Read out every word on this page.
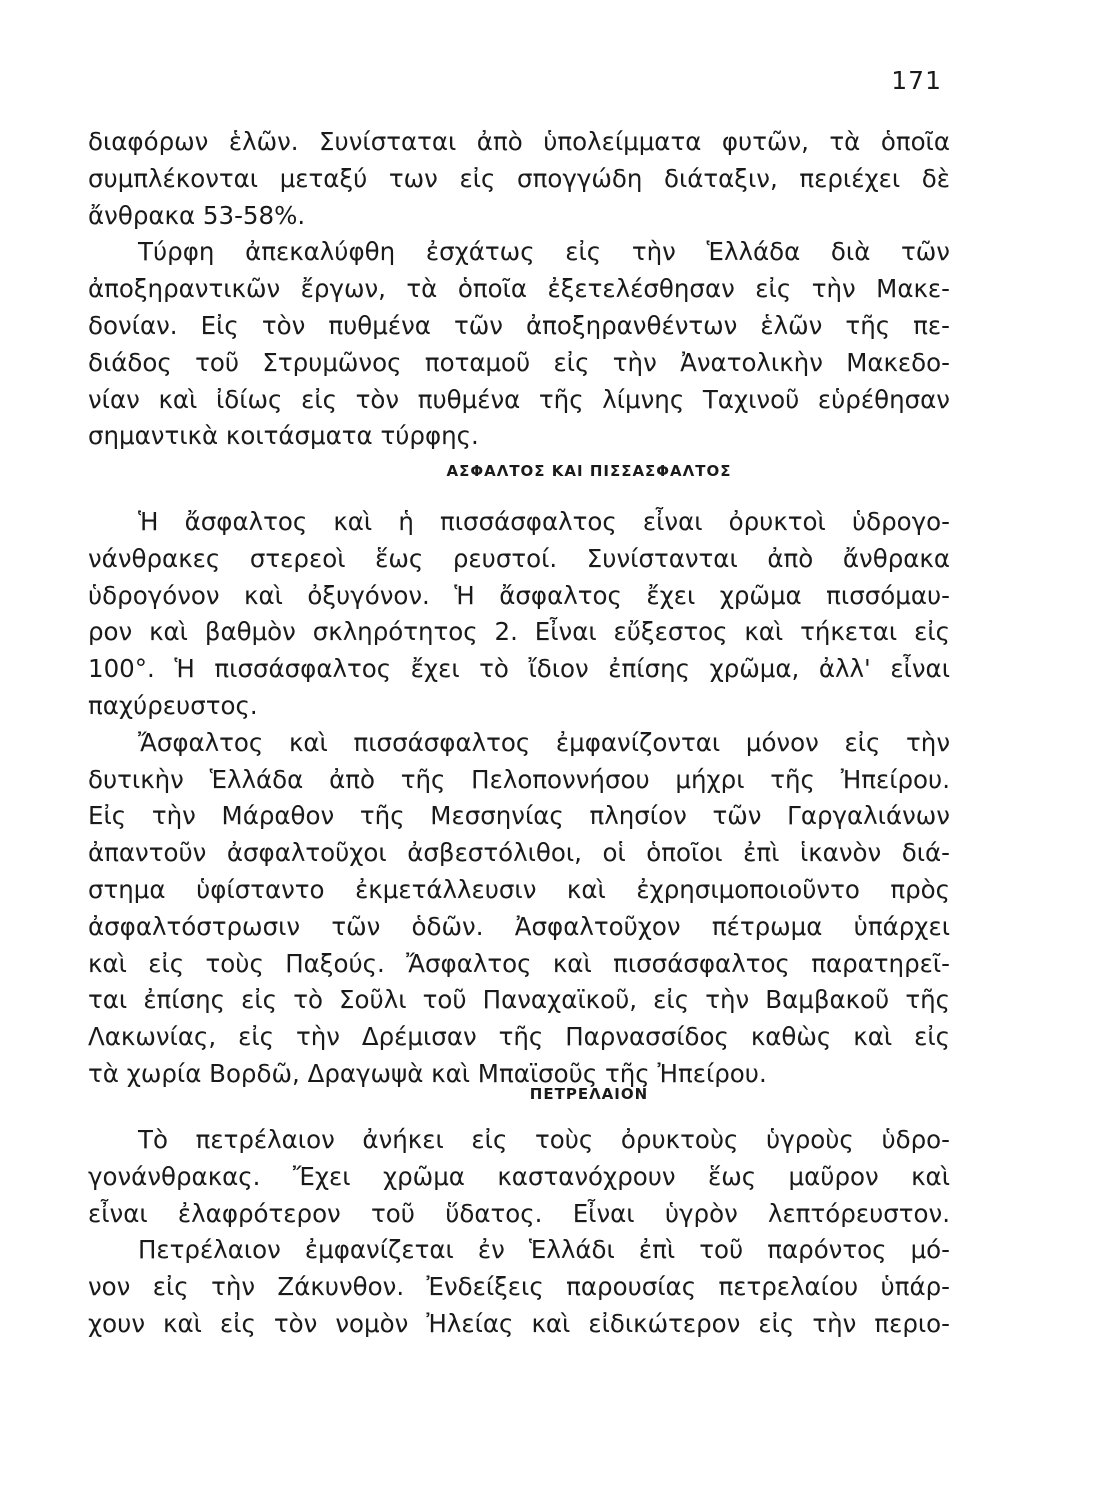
171
διαφόρων ἑλῶν. Συνίσταται ἀπὸ ὑπολείμματα φυτῶν, τὰ ὁποῖα
συμπλέκονται μεταξύ των εἰς σπογγώδη διάταξιν, περιέχει δὲ
ἄνθρακα 53-58%.
Τύρφη ἀπεκαλύφθη ἐσχάτως εἰς τὴν Ἑλλάδα διὰ τῶν
ἀποξηραντικῶν ἔργων, τὰ ὁποῖα ἐξετελέσθησαν εἰς τὴν Μακε-
δονίαν. Εἰς τὸν πυθμένα τῶν ἀποξηρανθέντων ἑλῶν τῆς πε-
διάδος τοῦ Στρυμῶνος ποταμοῦ εἰς τὴν Ἀνατολικὴν Μακεδο-
νίαν καὶ ἰδίως εἰς τὸν πυθμένα τῆς λίμνης Ταχινοῦ εὑρέθησαν
σημαντικὰ κοιτάσματα τύρφης.
ΑΣΦΑΛΤΟΣ ΚΑΙ ΠΙΣΣΑΣΦΑΛΤΟΣ
Ἡ ἄσφαλτος καὶ ἡ πισσάσφαλτος εἶναι ὀρυκτοὶ ὑδρογο-
νάνθρακες στερεοὶ ἕως ρευστοί. Συνίστανται ἀπὸ ἄνθρακα
ὑδρογόνον καὶ ὀξυγόνον. Ἡ ἄσφαλτος ἔχει χρῶμα πισσόμαυ-
ρον καὶ βαθμὸν σκληρότητος 2. Εἶναι εὔξεστος καὶ τήκεται εἰς
100°. Ἡ πισσάσφαλτος ἔχει τὸ ἴδιον ἐπίσης χρῶμα, ἀλλ' εἶναι
παχύρευστος.
Ἄσφαλτος καὶ πισσάσφαλτος ἐμφανίζονται μόνον εἰς τὴν
δυτικὴν Ἑλλάδα ἀπὸ τῆς Πελοποννήσου μήχρι τῆς Ἠπείρου.
Εἰς τὴν Μάραθον τῆς Μεσσηνίας πλησίον τῶν Γαργαλιάνων
ἀπαντοῦν ἀσφαλτοῦχοι ἀσβεστόλιθοι, οἱ ὁποῖοι ἐπὶ ἱκανὸν διά-
στημα ὑφίσταντο ἐκμετάλλευσιν καὶ ἐχρησιμοποιοῦντο πρὸς
ἀσφαλτόστρωσιν τῶν ὁδῶν. Ἀσφαλτοῦχον πέτρωμα ὑπάρχει
καὶ εἰς τοὺς Παξούς. Ἄσφαλτος καὶ πισσάσφαλτος παρατηρεῖ-
ται ἐπίσης εἰς τὸ Σοῦλι τοῦ Παναχαϊκοῦ, εἰς τὴν Βαμβακοῦ τῆς
Λακωνίας, εἰς τὴν Δρέμισαν τῆς Παρνασσίδος καθὼς καὶ εἰς
τὰ χωρία Βορδῶ, Δραγωψὰ καὶ Μπαϊσοῦς τῆς Ἠπείρου.
ΠΕΤΡΕΛΑΙΟΝ
Τὸ πετρέλαιον ἀνήκει εἰς τοὺς ὀρυκτοὺς ὑγροὺς ὑδρο-
γονάνθρακας. Ἔχει χρῶμα καστανόχρουν ἕως μαῦρον καὶ
εἶναι ἐλαφρότερον τοῦ ὕδατος. Εἶναι ὑγρὸν λεπτόρευστον.
Πετρέλαιον ἐμφανίζεται ἐν Ἑλλάδι ἐπὶ τοῦ παρόντος μό-
νον εἰς τὴν Ζάκυνθον. Ἐνδείξεις παρουσίας πετρελαίου ὑπάρ-
χουν καὶ εἰς τὸν νομὸν Ἠλείας καὶ εἰδικώτερον εἰς τὴν περιο-
